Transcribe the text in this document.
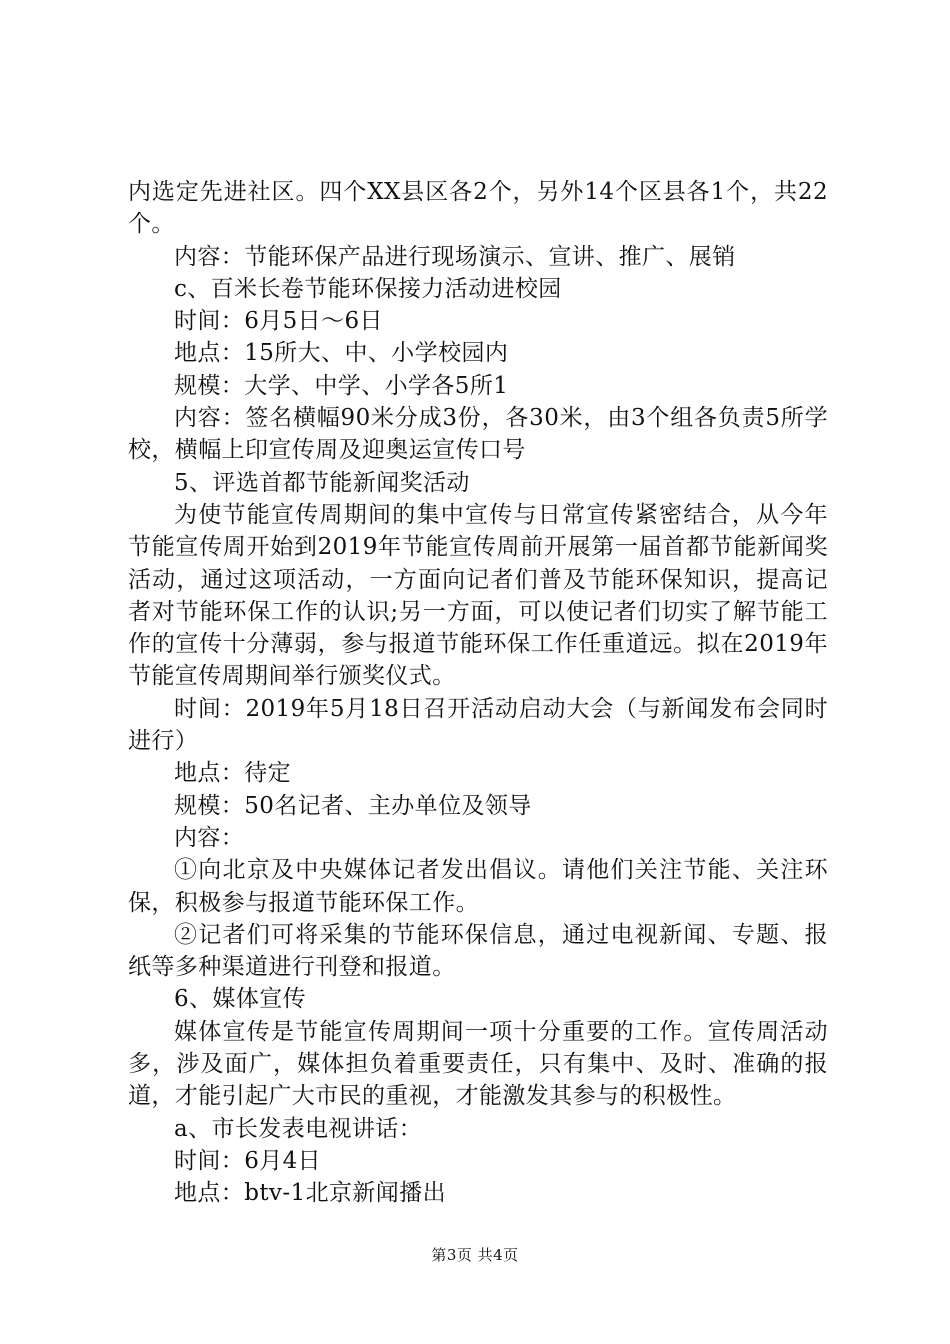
内选定先进社区。四个XX县区各2个，另外14个区县各1个，共22个。

内容：节能环保产品进行现场演示、宣讲、推广、展销

c、百米长卷节能环保接力活动进校园

时间：6月5日～6日

地点：15所大、中、小学校园内

规模：大学、中学、小学各5所1

内容：签名横幅90米分成3份，各30米，由3个组各负责5所学校，横幅上印宣传周及迎奥运宣传口号

5、评选首都节能新闻奖活动

为使节能宣传周期间的集中宣传与日常宣传紧密结合，从今年节能宣传周开始到2019年节能宣传周前开展第一届首都节能新闻奖活动，通过这项活动，一方面向记者们普及节能环保知识，提高记者对节能环保工作的认识;另一方面，可以使记者们切实了解节能工作的宣传十分薄弱，参与报道节能环保工作任重道远。拟在2019年节能宣传周期间举行颁奖仪式。

时间：2019年5月18日召开活动启动大会（与新闻发布会同时进行）

地点：待定

规模：50名记者、主办单位及领导

内容：

①向北京及中央媒体记者发出倡议。请他们关注节能、关注环保，积极参与报道节能环保工作。

②记者们可将采集的节能环保信息，通过电视新闻、专题、报纸等多种渠道进行刊登和报道。

6、媒体宣传

媒体宣传是节能宣传周期间一项十分重要的工作。宣传周活动多，涉及面广，媒体担负着重要责任，只有集中、及时、准确的报道，才能引起广大市民的重视，才能激发其参与的积极性。

a、市长发表电视讲话：

时间：6月4日

地点：btv-1北京新闻播出

第3页 共4页
